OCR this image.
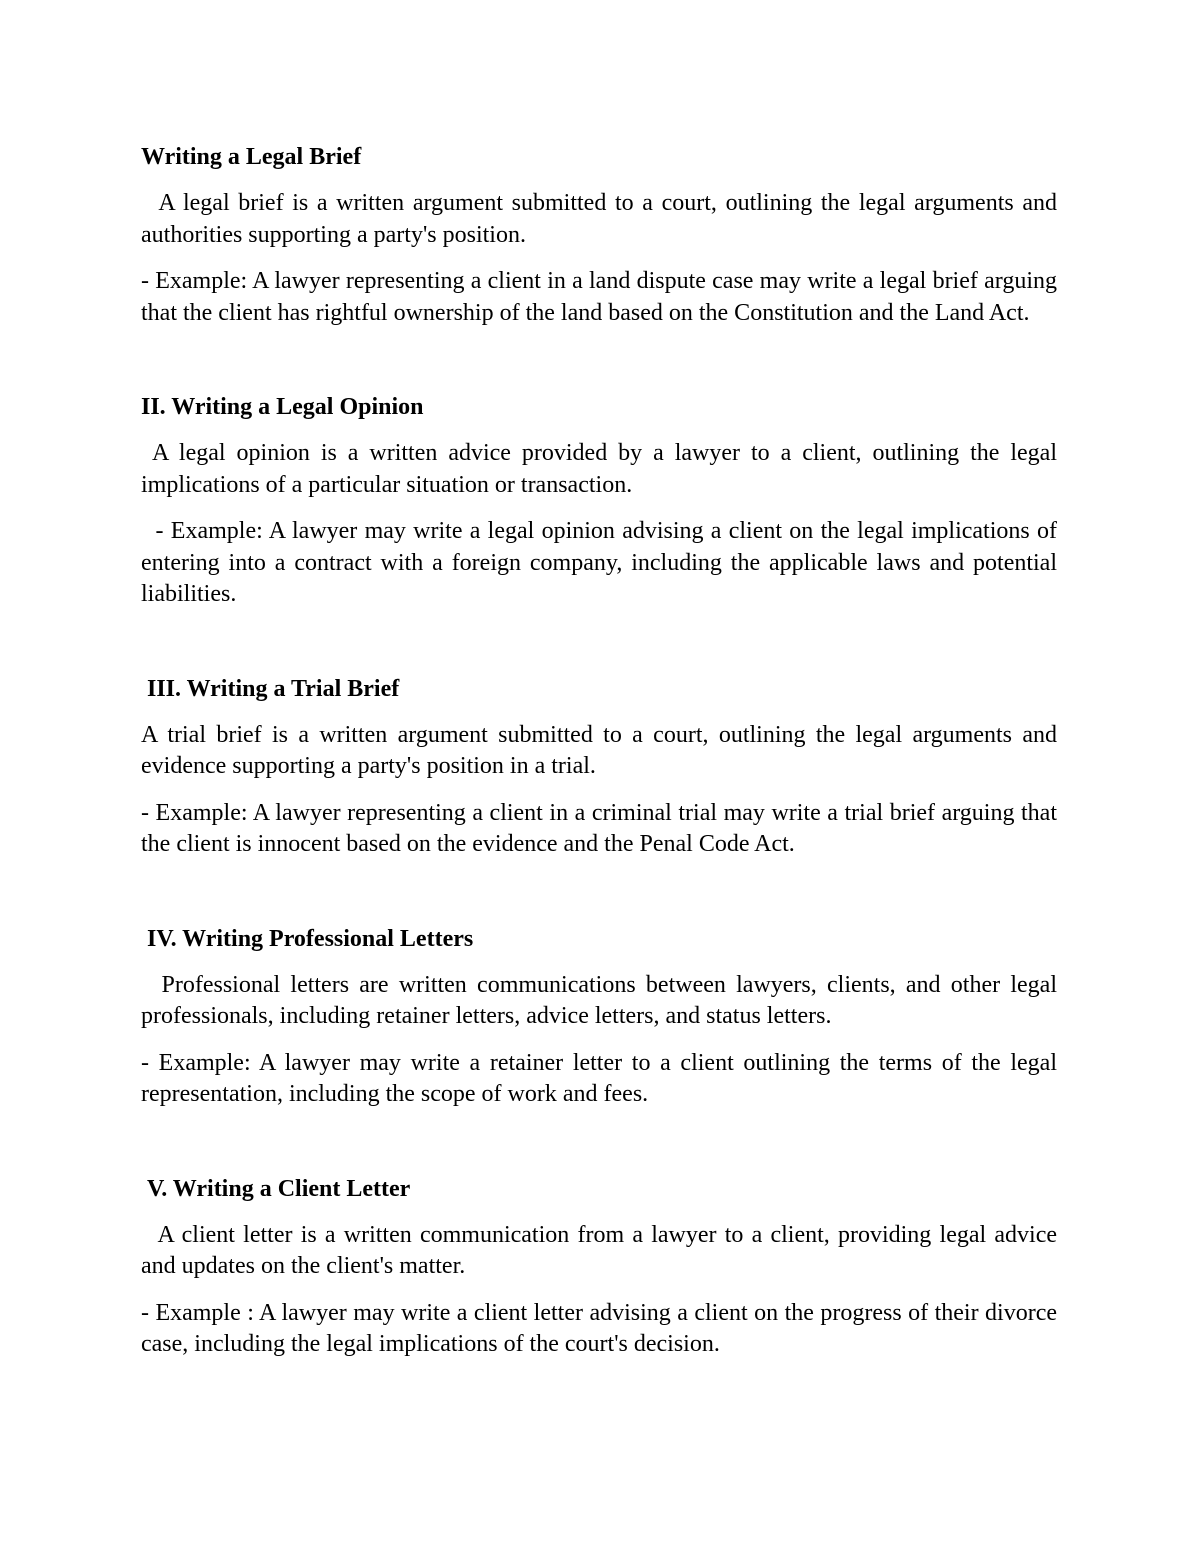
Writing a Legal Brief
A legal brief is a written argument submitted to a court, outlining the legal arguments and authorities supporting a party's position.
- Example: A lawyer representing a client in a land dispute case may write a legal brief arguing that the client has rightful ownership of the land based on the Constitution and the Land Act.
II. Writing a Legal Opinion
A legal opinion is a written advice provided by a lawyer to a client, outlining the legal implications of a particular situation or transaction.
- Example: A lawyer may write a legal opinion advising a client on the legal implications of entering into a contract with a foreign company, including the applicable laws and potential liabilities.
III. Writing a Trial Brief
A trial brief is a written argument submitted to a court, outlining the legal arguments and evidence supporting a party's position in a trial.
- Example: A lawyer representing a client in a criminal trial may write a trial brief arguing that the client is innocent based on the evidence and the Penal Code Act.
IV. Writing Professional Letters
Professional letters are written communications between lawyers, clients, and other legal professionals, including retainer letters, advice letters, and status letters.
- Example: A lawyer may write a retainer letter to a client outlining the terms of the legal representation, including the scope of work and fees.
V. Writing a Client Letter
A client letter is a written communication from a lawyer to a client, providing legal advice and updates on the client's matter.
- Example : A lawyer may write a client letter advising a client on the progress of their divorce case, including the legal implications of the court's decision.
